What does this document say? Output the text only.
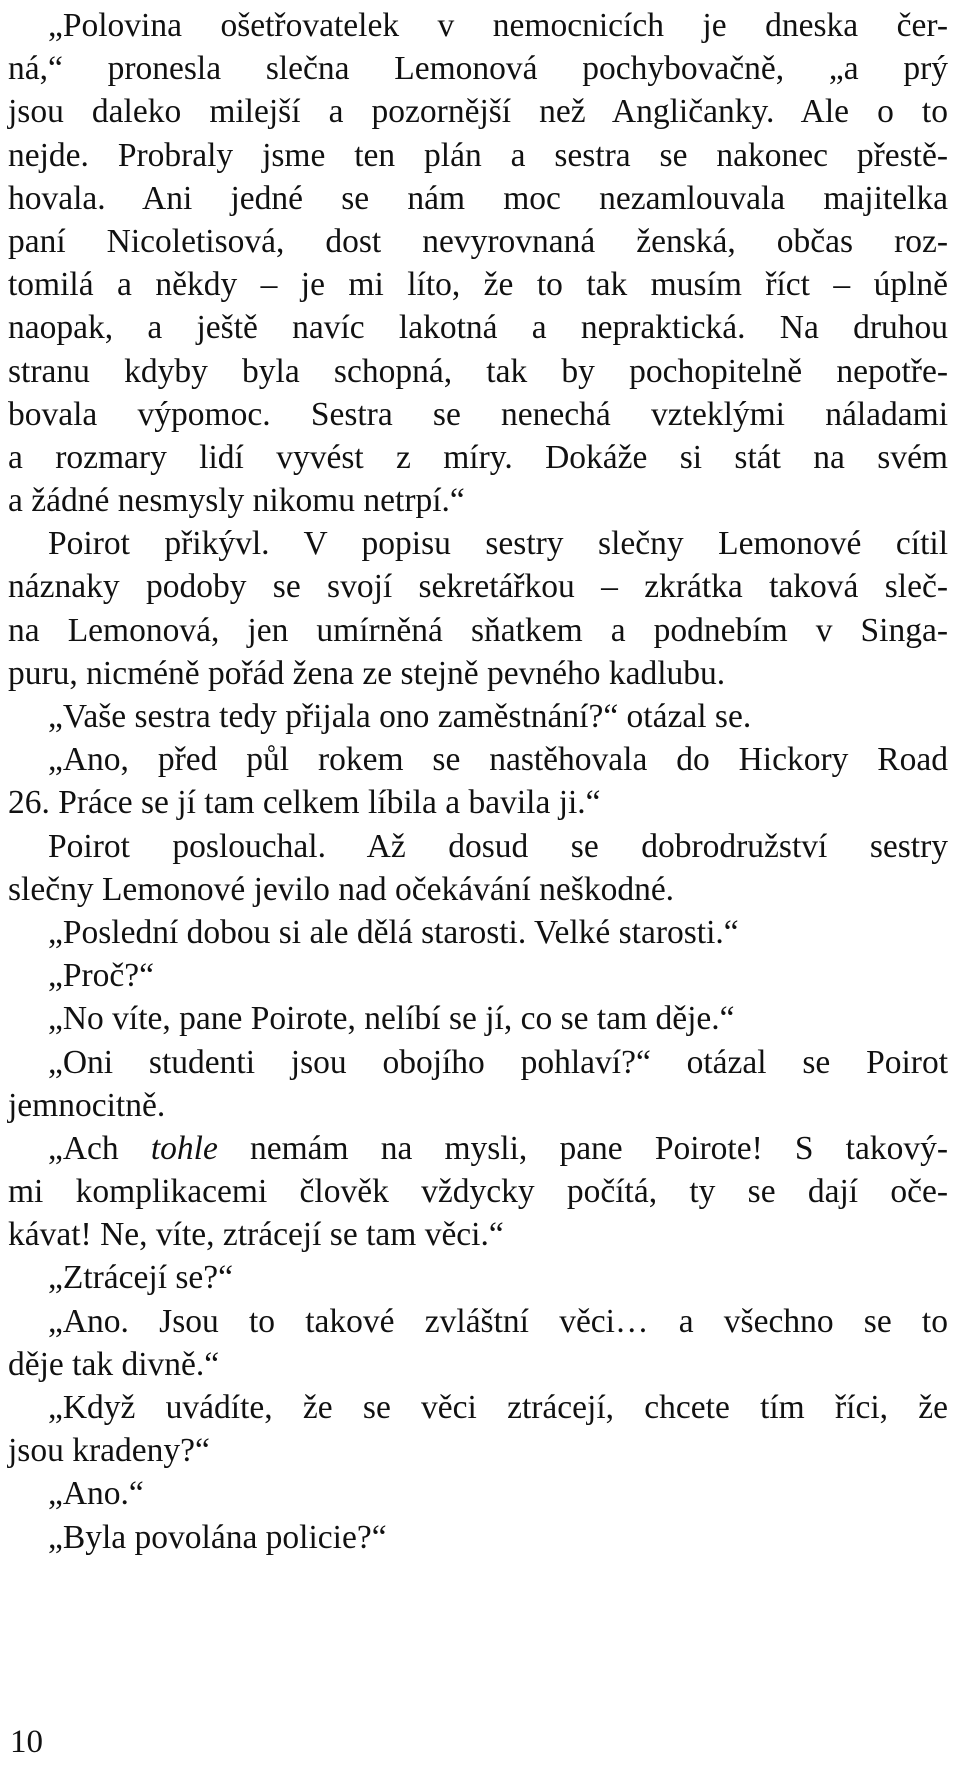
„Polovina ošetřovatelek v nemocnicích je dneska čer-
ná,“ pronesla slečna Lemonová pochybovačně, „a prý
jsou daleko milejší a pozornější než Angličanky. Ale o to
nejde. Probraly jsme ten plán a sestra se nakonec přestě-
hovala. Ani jedné se nám moc nezamlouvala majitelka
paní Nicoletisová, dost nevyrovnaná ženská, občas roz-
tomilá a někdy – je mi líto, že to tak musím říct – úplně
naopak, a ještě navíc lakotná a nepraktická. Na druhou
stranu kdyby byla schopná, tak by pochopitelně nepotře-
bovala výpomoc. Sestra se nenechá vzteklými náladami
a rozmary lidí vyvést z míry. Dokáže si stát na svém
a žádné nesmysly nikomu netrpí.“
Poirot přikývl. V popisu sestry slečny Lemonové cítil
náznaky podoby se svojí sekretářkou – zkrátka taková sleč-
na Lemonová, jen umírněná sňatkem a podnebím v Singa-
puru, nicméně pořád žena ze stejně pevného kadlubu.
„Vaše sestra tedy přijala ono zaměstnání?“ otázal se.
„Ano, před půl rokem se nastěhovala do Hickory Road
26. Práce se jí tam celkem líbila a bavila ji.“
Poirot poslouchal. Až dosud se dobrodružství sestry
slečny Lemonové jevilo nad očekávání neškodné.
„Poslední dobou si ale dělá starosti. Velké starosti.“
„Proč?“
„No víte, pane Poirote, nelíbí se jí, co se tam děje.“
„Oni studenti jsou obojího pohlaví?“ otázal se Poirot
jemnocitně.
„Ach tohle nemám na mysli, pane Poirote! S takový-
mi komplikacemi člověk vždycky počítá, ty se dají oče-
kávat! Ne, víte, ztrácejí se tam věci.“
„Ztrácejí se?“
„Ano. Jsou to takové zvláštní věci… a všechno se to
děje tak divně.“
„Když uvádíte, že se věci ztrácejí, chcete tím říci, že
jsou kradeny?“
„Ano.“
„Byla povolána policie?“
10
